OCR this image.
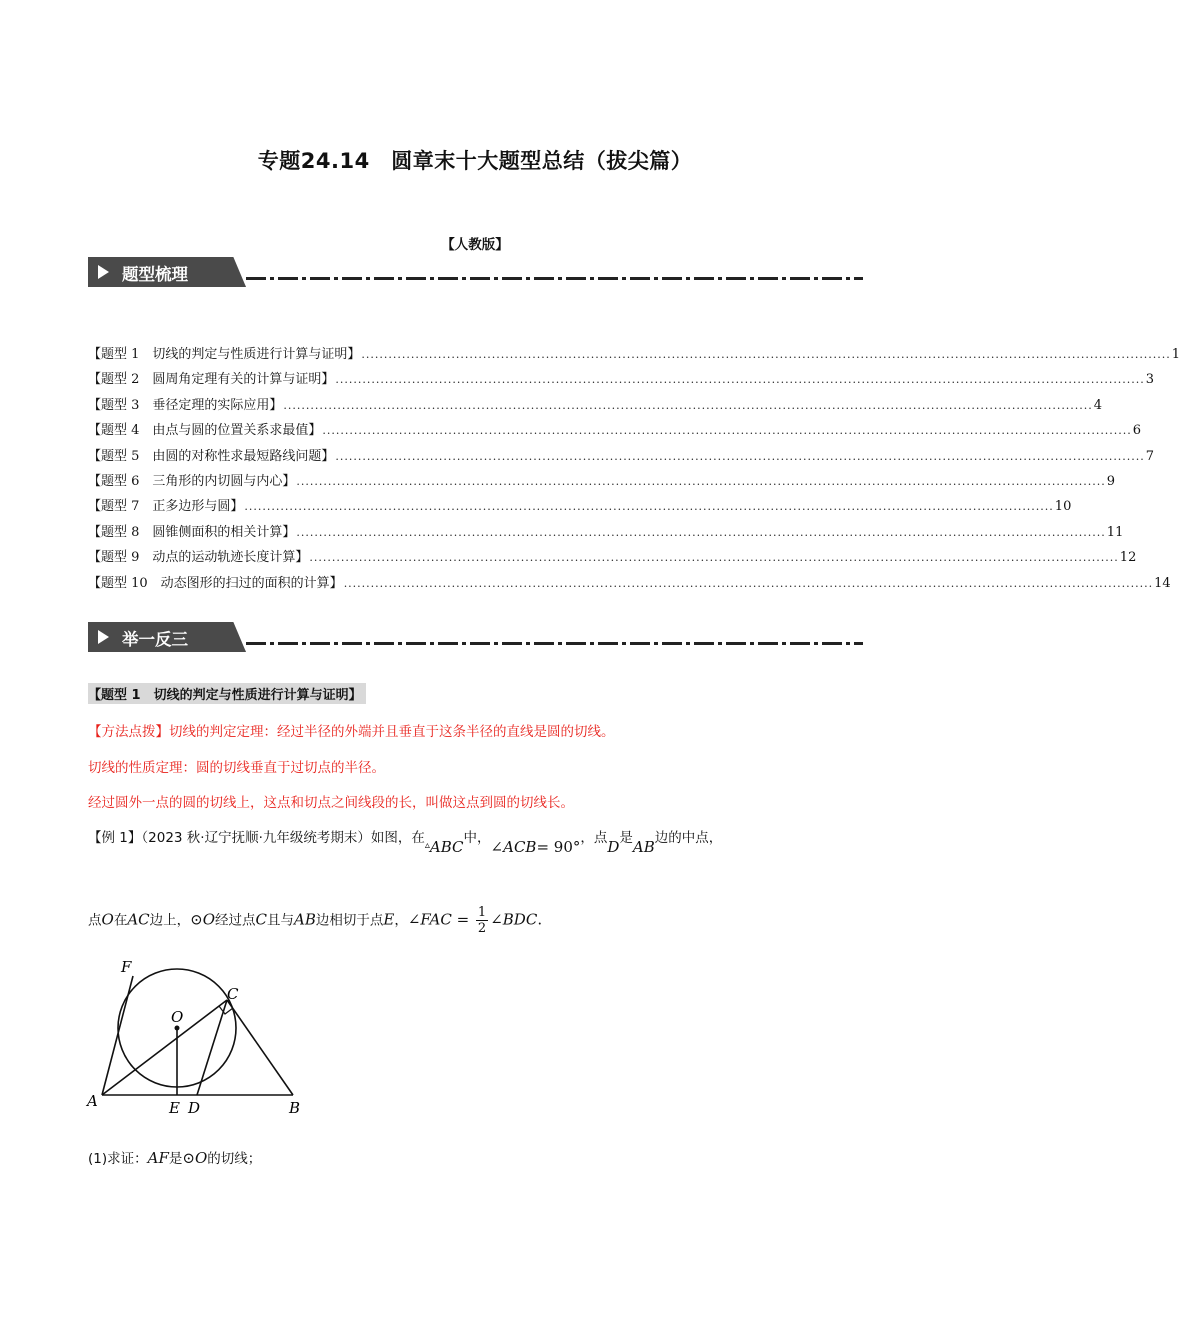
专题24.14　圆章末十大题型总结（拔尖篇）
【人教版】
题型梳理
【题型 1　切线的判定与性质进行计算与证明】 .................................................................................................................................................................................... 1
【题型 2　圆周角定理有关的计算与证明】 .................................................................................................................................................................................... 3
【题型 3　垂径定理的实际应用】 .................................................................................................................................................................................... 4
【题型 4　由点与圆的位置关系求最值】 .................................................................................................................................................................................... 6
【题型 5　由圆的对称性求最短路线问题】 .................................................................................................................................................................................... 7
【题型 6　三角形的内切圆与内心】 .................................................................................................................................................................................... 9
【题型 7　正多边形与圆】 .................................................................................................................................................................................... 10
【题型 8　圆锥侧面积的相关计算】 .................................................................................................................................................................................... 11
【题型 9　动点的运动轨迹长度计算】 .................................................................................................................................................................................... 12
【题型 10　动态图形的扫过的面积的计算】 .................................................................................................................................................................................... 14
举一反三
【题型 1　切线的判定与性质进行计算与证明】
【方法点拨】切线的判定定理：经过半径的外端并且垂直于这条半径的直线是圆的切线。
切线的性质定理：圆的切线垂直于过切点的半径。
经过圆外一点的圆的切线上，这点和切点之间线段的长，叫做这点到圆的切线长。
【例 1】（2023 秋·辽宁抚顺·九年级统考期末）如图，在$_▵$ABC中，∠ACB= 90°，点D是AB边的中点，
点O在AC边上，⊙O经过点C且与AB边相切于点E，∠FAC = $\frac{1}{2}$ ∠BDC.
F
C
O
A	E D	B
(1)求证：AF是⊙O的切线；
